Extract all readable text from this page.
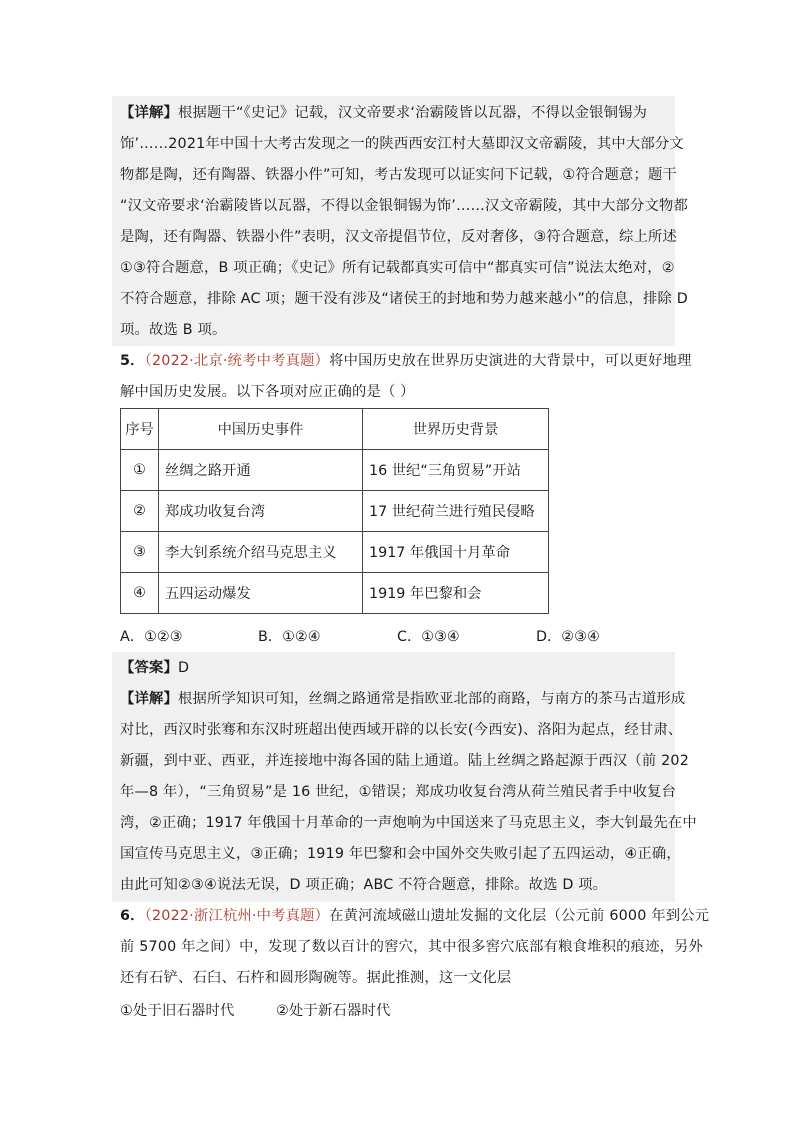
【详解】根据题干“《史记》记载，汉文帝要求‘治霸陵皆以瓦器，不得以金银铜锡为
饰’……2021年中国十大考古发现之一的陕西西安江村大墓即汉文帝霸陵，其中大部分文
物都是陶，还有陶器、铁器小件”可知，考古发现可以证实问下记载，①符合题意；题干
“汉文帝要求‘治霸陵皆以瓦器，不得以金银铜锡为饰’……汉文帝霸陵，其中大部分文物都
是陶，还有陶器、铁器小件”表明，汉文帝提倡节位，反对奢侈，③符合题意，综上所述
①③符合题意，B 项正确；《史记》所有记载都真实可信中“都真实可信”说法太绝对，②
不符合题意，排除 AC 项；题干没有涉及“诸侯王的封地和势力越来越小”的信息，排除 D
项。故选 B 项。
5．（2022·北京·统考中考真题）将中国历史放在世界历史演进的大背景中，可以更好地理
解中国历史发展。以下各项对应正确的是（ ）
序号	中国历史事件	世界历史背景
①	丝绸之路开通	16 世纪“三角贸易”开站
②	郑成功收复台湾	17 世纪荷兰进行殖民侵略
③	李大钊系统介绍马克思主义	1917 年俄国十月革命
④	五四运动爆发	1919 年巴黎和会
A．①②③	B．①②④	C．①③④	D．②③④
【答案】D
【详解】根据所学知识可知，丝绸之路通常是指欧亚北部的商路，与南方的茶马古道形成
对比，西汉时张骞和东汉时班超出使西域开辟的以长安(今西安)、洛阳为起点，经甘肃、
新疆，到中亚、西亚，并连接地中海各国的陆上通道。陆上丝绸之路起源于西汉（前 202
年—8 年），“三角贸易”是 16 世纪，①错误；郑成功收复台湾从荷兰殖民者手中收复台
湾，②正确；1917 年俄国十月革命的一声炮响为中国送来了马克思主义，李大钊最先在中
国宣传马克思主义，③正确；1919 年巴黎和会中国外交失败引起了五四运动，④正确，
由此可知②③④说法无误，D 项正确；ABC 不符合题意，排除。故选 D 项。
6．（2022·浙江杭州·中考真题）在黄河流域磁山遗址发掘的文化层（公元前 6000 年到公元
前 5700 年之间）中，发现了数以百计的窖穴，其中很多窖穴底部有粮食堆积的痕迹，另外
还有石铲、石臼、石杵和圆形陶碗等。据此推测，这一文化层
①处于旧石器时代	②处于新石器时代
